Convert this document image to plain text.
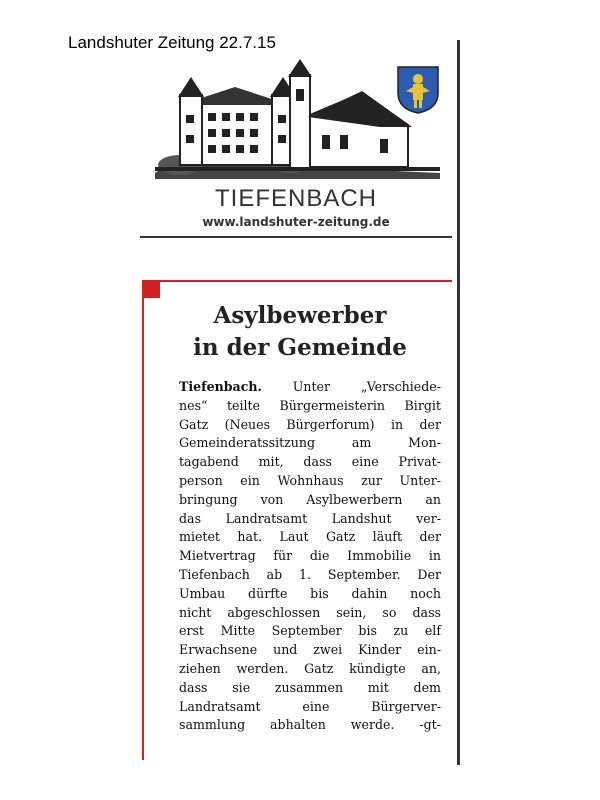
Landshuter Zeitung 22.7.15
TIEFENBACH
www.landshuter-zeitung.de
Asylbewerber
in der Gemeinde
Tiefenbach. Unter „Verschiede-
nes“ teilte Bürgermeisterin Birgit
Gatz (Neues Bürgerforum) in der
Gemeinderatssitzung am Mon-
tagabend mit, dass eine Privat-
person ein Wohnhaus zur Unter-
bringung von Asylbewerbern an
das Landratsamt Landshut ver-
mietet hat. Laut Gatz läuft der
Mietvertrag für die Immobilie in
Tiefenbach ab 1. September. Der
Umbau dürfte bis dahin noch
nicht abgeschlossen sein, so dass
erst Mitte September bis zu elf
Erwachsene und zwei Kinder ein-
ziehen werden. Gatz kündigte an,
dass sie zusammen mit dem
Landratsamt eine Bürgerver-
sammlung abhalten werde. -gt-
